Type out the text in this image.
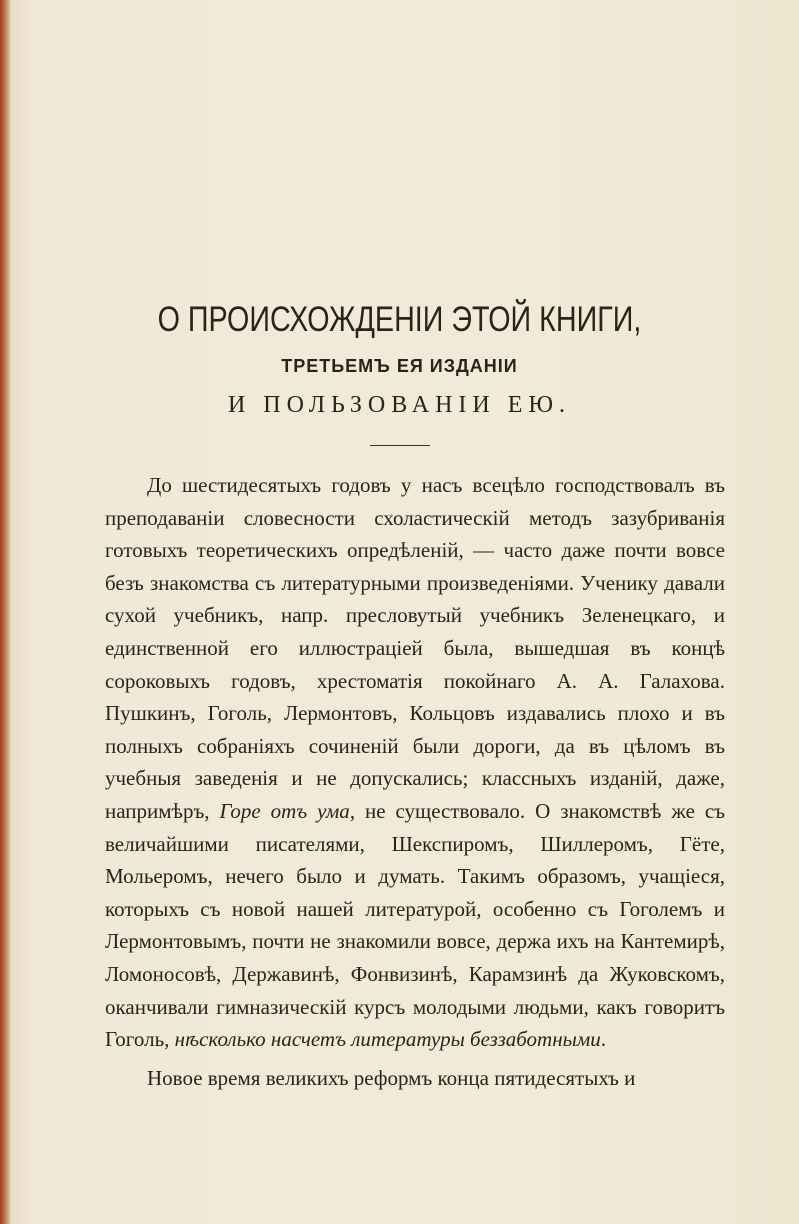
О ПРОИСХОЖДЕНІИ ЭТОЙ КНИГИ,
ТРЕТЬЕМЪ ЕЯ ИЗДАНІИ
И ПОЛЬЗОВАНІИ ЕЮ.

До шестидесятыхъ годовъ у насъ всецѣло господствовалъ въ преподаваніи словесности схоластическій методъ зазубриванія готовыхъ теоретическихъ опредѣленій, — часто даже почти вовсе безъ знакомства съ литературными произведеніями. Ученику давали сухой учебникъ, напр. пресловутый учебникъ Зеленецкаго, и единственной его иллюстраціей была, вышедшая въ концѣ сороковыхъ годовъ, хрестоматія покойнаго А. А. Галахова. Пушкинъ, Гоголь, Лермонтовъ, Кольцовъ издавались плохо и въ полныхъ собраніяхъ сочиненій были дороги, да въ цѣломъ въ учебныя заведенія и не допускались; классныхъ изданій, даже, напримѣръ, Горе отъ ума, не существовало. О знакомствѣ же съ величайшими писателями, Шекспиромъ, Шиллеромъ, Гёте, Мольеромъ, нечего было и думать. Такимъ образомъ, учащіеся, которыхъ съ новой нашей литературой, особенно съ Гоголемъ и Лермонтовымъ, почти не знакомили вовсе, держа ихъ на Кантемирѣ, Ломоносовѣ, Державинѣ, Фонвизинѣ, Карамзинѣ да Жуковскомъ, оканчивали гимназическій курсъ молодыми людьми, какъ говоритъ Гоголь, нѣсколько насчетъ литературы беззаботными.

Новое время великихъ реформъ конца пятидесятыхъ и
